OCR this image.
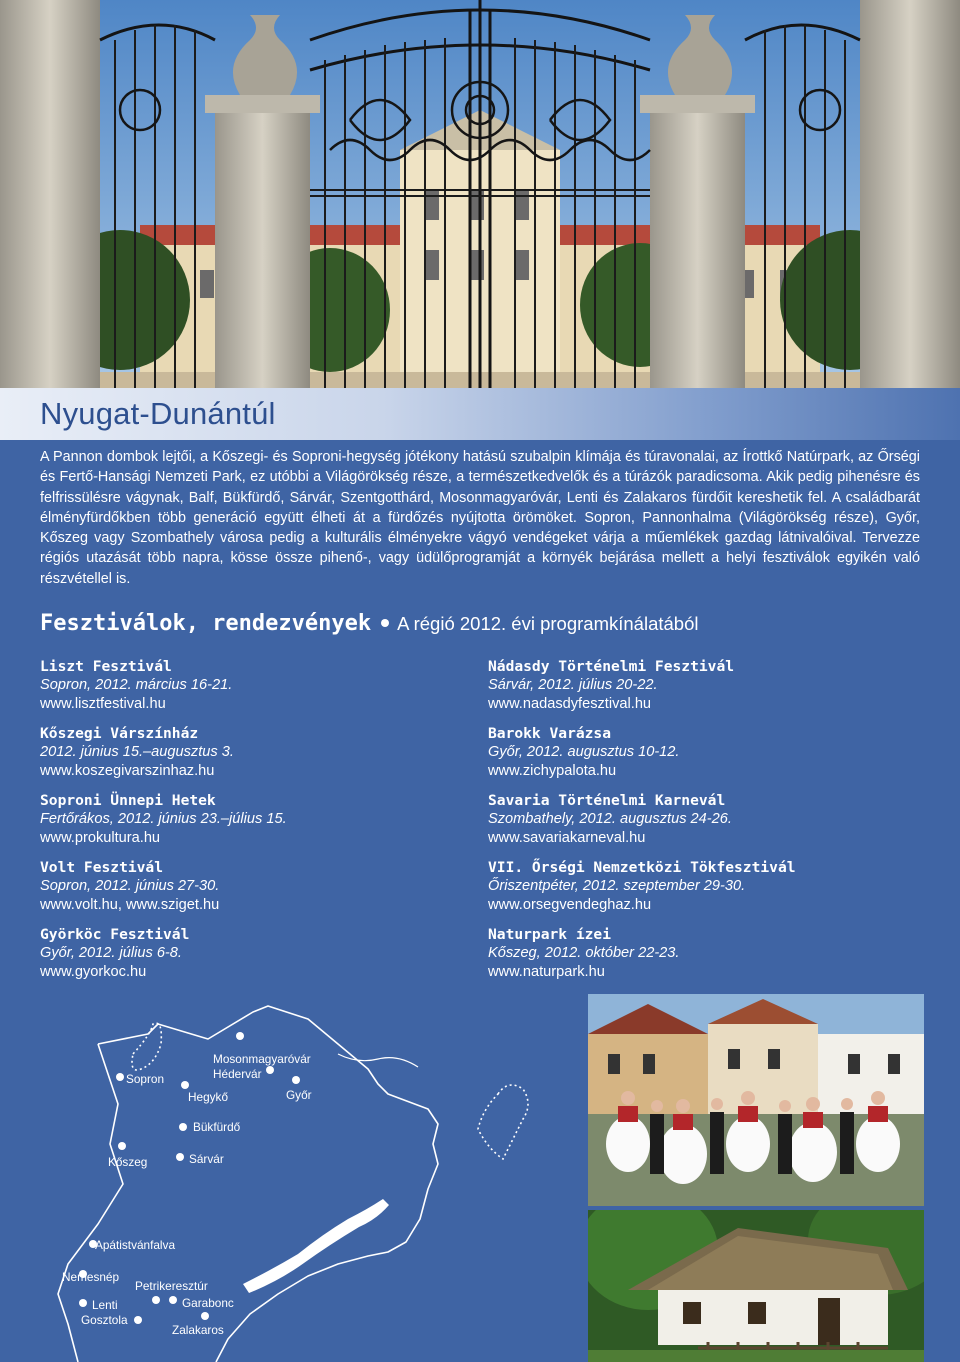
Nyugat-Dunántúl

A Pannon dombok lejtői, a Kőszegi- és Soproni-hegység jótékony hatású szubalpin klímája és túravonalai, az Írottkő Natúrpark, az Őrségi és Fertő-Hansági Nemzeti Park, ez utóbbi a Világörökség része, a természetkedvelők és a túrázók paradicsoma. Akik pedig pihenésre és felfrissülésre vágynak, Balf, Bükfürdő, Sárvár, Szentgotthárd, Mosonmagyaróvár, Lenti és Zalakaros fürdőit kereshetik fel. A családbarát élményfürdőkben több generáció együtt élheti át a fürdőzés nyújtotta örömöket. Sopron, Pannonhalma (Világörökség része), Győr, Kőszeg vagy Szombathely városa pedig a kulturális élményekre vágyó vendégeket várja a műemlékek gazdag látnivalóival. Tervezze régiós utazását több napra, kösse össze pihenő-, vagy üdülőprogramját a környék bejárása mellett a helyi fesztiválok egyikén való részvétellel is.

Fesztiválok, rendezvények A régió 2012. évi programkínálatából
Liszt Fesztivál
Sopron, 2012. március 16-21.
www.lisztfestival.hu
Kőszegi Várszínház
2012. június 15.–augusztus 3.
www.koszegivarszinhaz.hu
Soproni Ünnepi Hetek
Fertőrákos, 2012. június 23.–július 15.
www.prokultura.hu
Volt Fesztivál
Sopron, 2012. június 27-30.
www.volt.hu, www.sziget.hu
Györköc Fesztivál
Győr, 2012. július 6-8.
www.gyorkoc.hu
Nádasdy Történelmi Fesztivál
Sárvár, 2012. július 20-22.
www.nadasdyfesztival.hu
Barokk Varázsa
Győr, 2012. augusztus 10-12.
www.zichypalota.hu
Savaria Történelmi Karnevál
Szombathely, 2012. augusztus 24-26.
www.savariakarneval.hu
VII. Őrségi Nemzetközi Tökfesztivál
Őriszentpéter, 2012. szeptember 29-30.
www.orsegvendeghaz.hu
Naturpark ízei
Kőszeg, 2012. október 22-23.
www.naturpark.hu
Sopron
Mosonmagyaróvár
Hédervár
Hegykő	Győr
Bükfürdő
Kőszeg	Sárvár
Apátistvánfalva
Nemesnép
Petrikeresztúr
Lenti	Garabonc
Gosztola
Zalakaros
